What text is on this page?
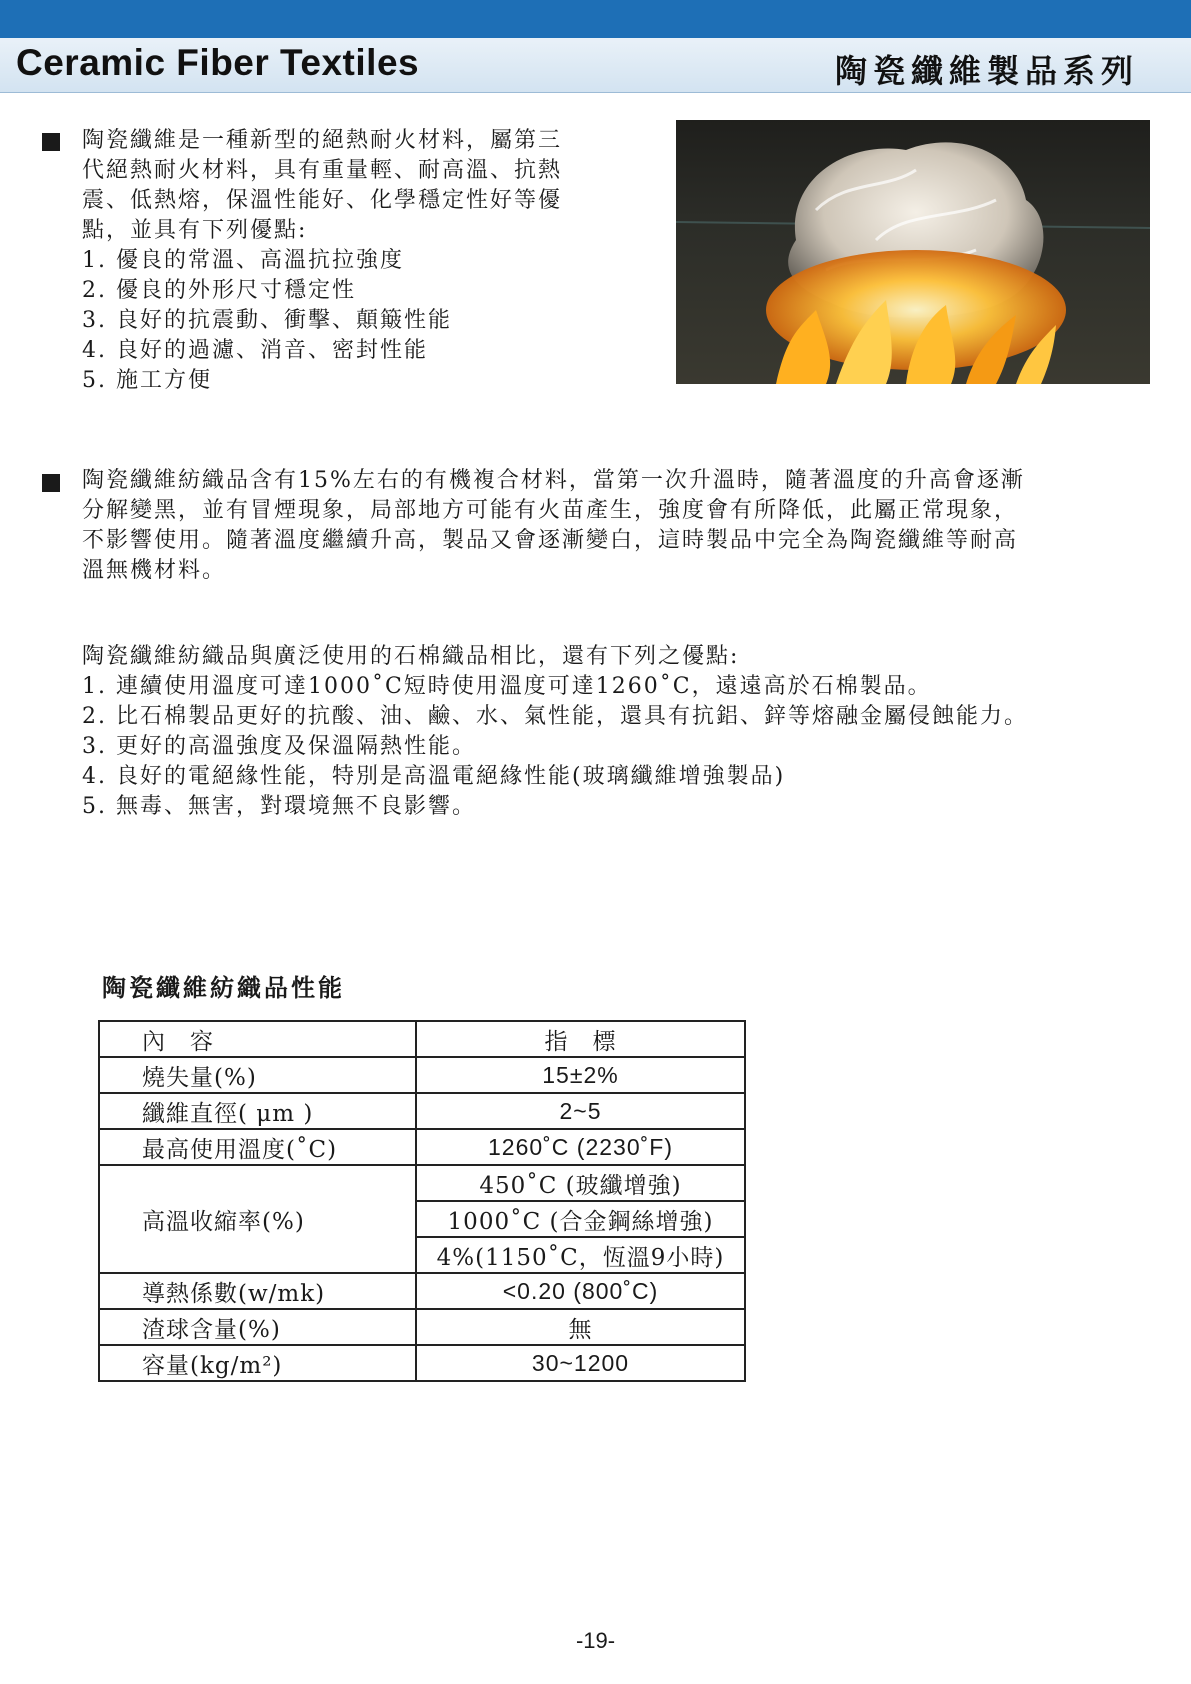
Ceramic Fiber Textiles	陶瓷纖維製品系列
陶瓷纖維是一種新型的絕熱耐火材料，屬第三
代絕熱耐火材料，具有重量輕、耐高溫、抗熱
震、低熱熔，保溫性能好、化學穩定性好等優
點，並具有下列優點:
1. 優良的常溫、高溫抗拉強度
2. 優良的外形尺寸穩定性
3. 良好的抗震動、衝擊、顛簸性能
4. 良好的過濾、消音、密封性能
5. 施工方便
陶瓷纖維紡織品含有15%左右的有機複合材料，當第一次升溫時，隨著溫度的升高會逐漸
分解變黑，並有冒煙現象，局部地方可能有火苗產生，強度會有所降低，此屬正常現象，
不影響使用。隨著溫度繼續升高，製品又會逐漸變白，這時製品中完全為陶瓷纖維等耐高
溫無機材料。
陶瓷纖維紡織品與廣泛使用的石棉織品相比，還有下列之優點:
1. 連續使用溫度可達1000˚C短時使用溫度可達1260˚C，遠遠高於石棉製品。
2. 比石棉製品更好的抗酸、油、鹼、水、氣性能，還具有抗鋁、鋅等熔融金屬侵蝕能力。
3. 更好的高溫強度及保溫隔熱性能。
4. 良好的電絕緣性能，特別是高溫電絕緣性能(玻璃纖維增強製品)
5. 無毒、無害，對環境無不良影響。
陶瓷纖維紡織品性能
內　容	指　標
燒失量(%)	15±2%
纖維直徑( μm )	2~5
最高使用溫度(˚C)	1260˚C (2230˚F)
高溫收縮率(%)	450˚C (玻纖增強)
	1000˚C (合金鋼絲增強)
	4%(1150˚C，恆溫9小時)
導熱係數(w/mk)	<0.20 (800˚C)
渣球含量(%)	無
容量(kg/m²)	30~1200
-19-
